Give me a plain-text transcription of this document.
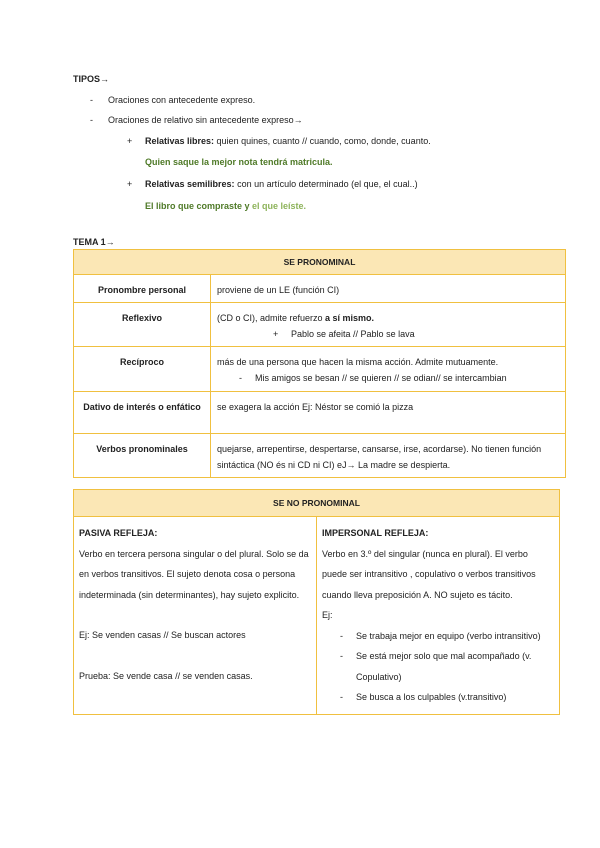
TIPOS→
- Oraciones con antecedente expreso.
- Oraciones de relativo sin antecedente expreso→
+ Relativas libres: quien quines, cuanto // cuando, como, donde, cuanto.
Quien saque la mejor nota tendrá matricula.
+ Relativas semilibres: con un artículo determinado (el que, el cual..)
El libro que compraste y el que leíste.
TEMA 1→
SE PRONOMINAL	
Pronombre personal	proviene de un LE (función CI)
Reflexivo	(CD o CI), admite refuerzo a sí mismo.
+ Pablo se afeita // Pablo se lava

Recíproco	más de una persona que hacen la misma acción. Admite mutuamente.
- Mis amigos se besan // se quieren // se odian// se intercambian

Dativo de interés o enfático	se exagera la acción Ej: Néstor se comió la pizza
Verbos pronominales	quejarse, arrepentirse, despertarse, cansarse, irse, acordarse). No tienen función sintáctica (NO és ni CD ni CI) eJ→ La madre se despierta.
SE NO PRONOMINAL

PASIVA REFLEJA:
Verbo en tercera persona singular o del plural. Solo se da en verbos transitivos. El sujeto denota cosa o persona indeterminada (sin determinantes), hay sujeto explicito.
Ej: Se venden casas // Se buscan actores
Prueba: Se vende casa // se venden casas.

IMPERSONAL REFLEJA:
Verbo en 3.º del singular (nunca en plural). El verbo puede ser intransitivo , copulativo o verbos transitivos cuando lleva preposición A. NO sujeto es tácito.
Ej:
- Se trabaja mejor en equipo (verbo intransitivo)
- Se está mejor solo que mal acompañado (v. Copulativo)
- Se busca a los culpables (v.transitivo)
